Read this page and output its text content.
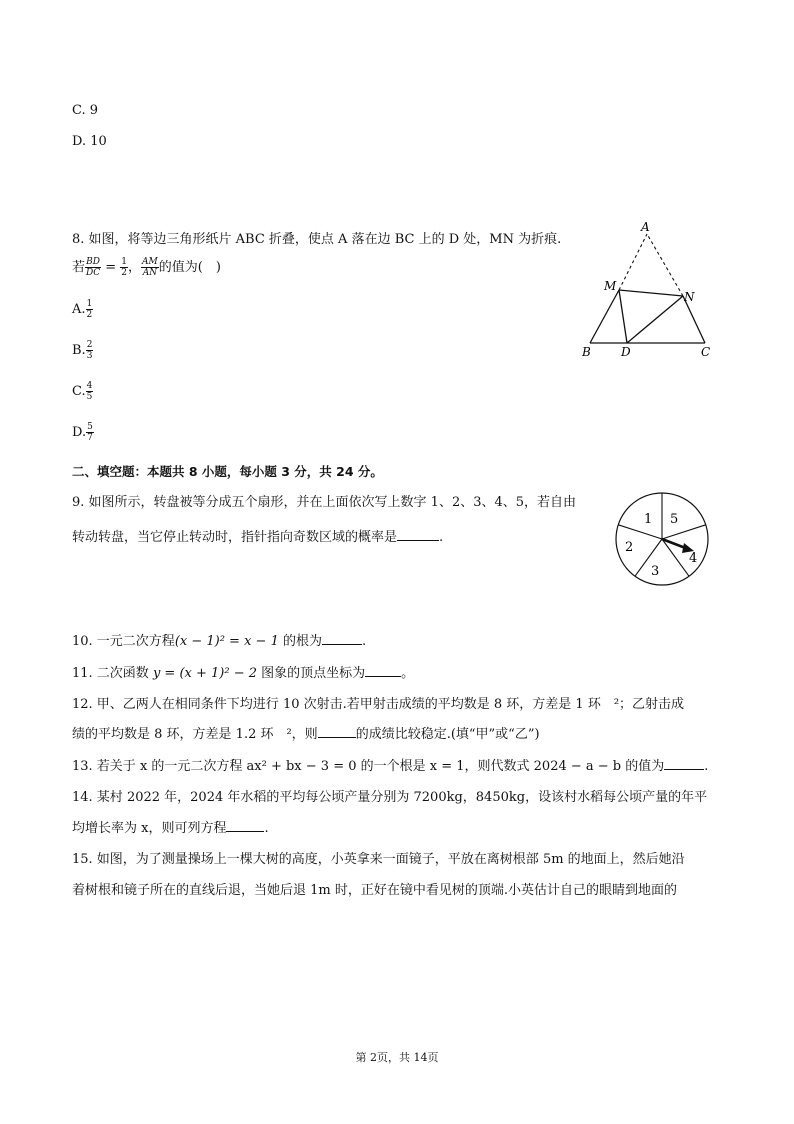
C. 9
D. 10
8. 如图，将等边三角形纸片 ABC 折叠，使点 A 落在边 BC 上的 D 处，MN 为折痕.
若 $\frac{BD}{DC} = \frac{1}{2}$ ， $\frac{AM}{AN}$ 的值为(　)
A. $\frac{1}{2}$
B. $\frac{2}{3}$
C. $\frac{4}{5}$
D. $\frac{5}{7}$
A
M
N
B	D	C
二、填空题：本题共 8 小题，每小题 3 分，共 24 分。
9. 如图所示，转盘被等分成五个扇形，并在上面依次写上数字 1、2、3、4、5，若自由
转动转盘，当它停止转动时，指针指向奇数区域的概率是	.
1 5
4
3
2
10. 一元二次方程(x − 1)² = x − 1 的根为	.
11. 二次函数 y = (x + 1)² − 2 图象的顶点坐标为	。
12. 甲、乙两人在相同条件下均进行 10 次射击.若甲射击成绩的平均数是 8 环，方差是 1 环　²；乙射击成
绩的平均数是 8 环，方差是 1.2 环　²，则	的成绩比较稳定.(填“甲”或“乙”)
13. 若关于 x 的一元二次方程 ax² + bx − 3 = 0 的一个根是 x = 1，则代数式 2024 − a − b 的值为	.
14. 某村 2022 年，2024 年水稻的平均每公顷产量分别为 7200kg，8450kg，设该村水稻每公顷产量的年平
均增长率为 x，则可列方程	.
15. 如图，为了测量操场上一棵大树的高度，小英拿来一面镜子，平放在离树根部 5m 的地面上，然后她沿
着树根和镜子所在的直线后退，当她后退 1m 时，正好在镜中看见树的顶端.小英估计自己的眼睛到地面的
第 2页，共 14页
